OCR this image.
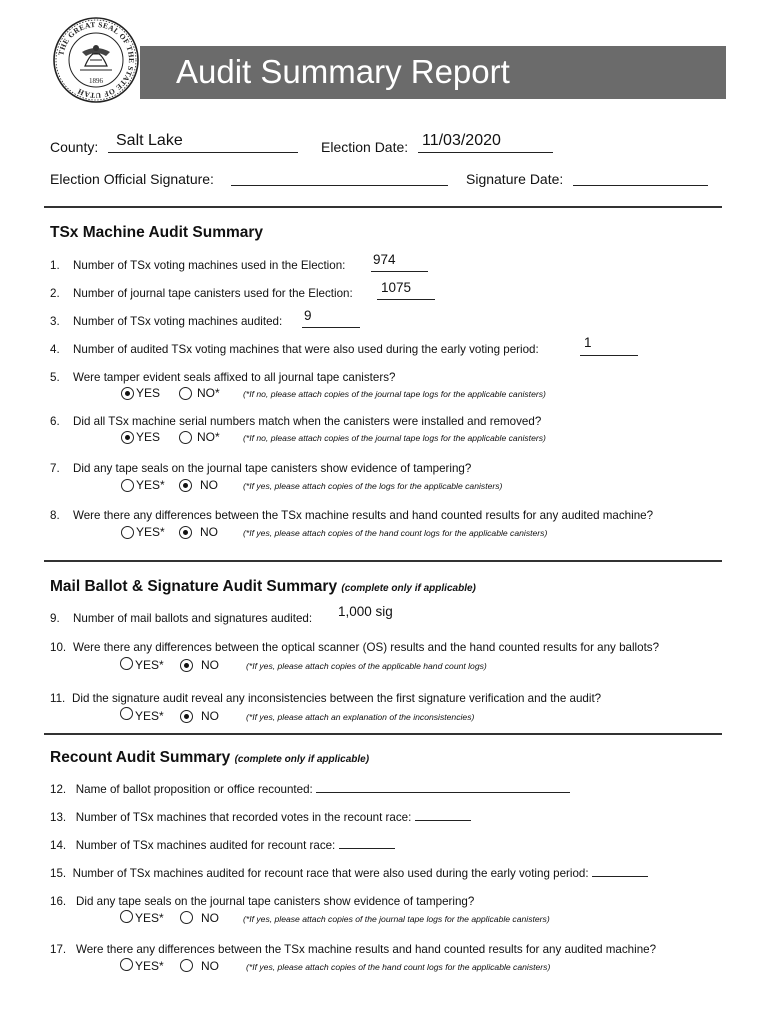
THE GREAT SEAL OF THE STATE OF UTAH
1896 Audit Summary Report
County: Salt Lake	Election Date: 11/03/2020
Election Official Signature:	Signature Date:
TSx Machine Audit Summary
1. Number of TSx voting machines used in the Election: 974
2. Number of journal tape canisters used for the Election: 1075
3. Number of TSx voting machines audited: 9
4. Number of audited TSx voting machines that were also used during the early voting period:	1
5. Were tamper evident seals affixed to all journal tape canisters?
YES	NO*	(*If no, please attach copies of the journal tape logs for the applicable canisters)
6. Did all TSx machine serial numbers match when the canisters were installed and removed?
YES	NO*	(*If no, please attach copies of the journal tape logs for the applicable canisters)
7. Did any tape seals on the journal tape canisters show evidence of tampering?
YES*	NO	(*If yes, please attach copies of the logs for the applicable canisters)
8. Were there any differences between the TSx machine results and hand counted results for any audited machine?
YES*	NO	(*If yes, please attach copies of the hand count logs for the applicable canisters)
Mail Ballot & Signature Audit Summary (complete only if applicable)
9. Number of mail ballots and signatures audited: 1,000 sig
10. Were there any differences between the optical scanner (OS) results and the hand counted results for any ballots?
YES*	NO	(*If yes, please attach copies of the applicable hand count logs)
11. Did the signature audit reveal any inconsistencies between the first signature verification and the audit?
YES*	NO	(*If yes, please attach an explanation of the inconsistencies)
Recount Audit Summary (complete only if applicable)
12. Name of ballot proposition or office recounted:
13. Number of TSx machines that recorded votes in the recount race:
14. Number of TSx machines audited for recount race:
15. Number of TSx machines audited for recount race that were also used during the early voting period:
16. Did any tape seals on the journal tape canisters show evidence of tampering?
YES*	NO	(*If yes, please attach copies of the journal tape logs for the applicable canisters)
17. Were there any differences between the TSx machine results and hand counted results for any audited machine?
YES*	NO	(*If yes, please attach copies of the hand count logs for the applicable canisters)
